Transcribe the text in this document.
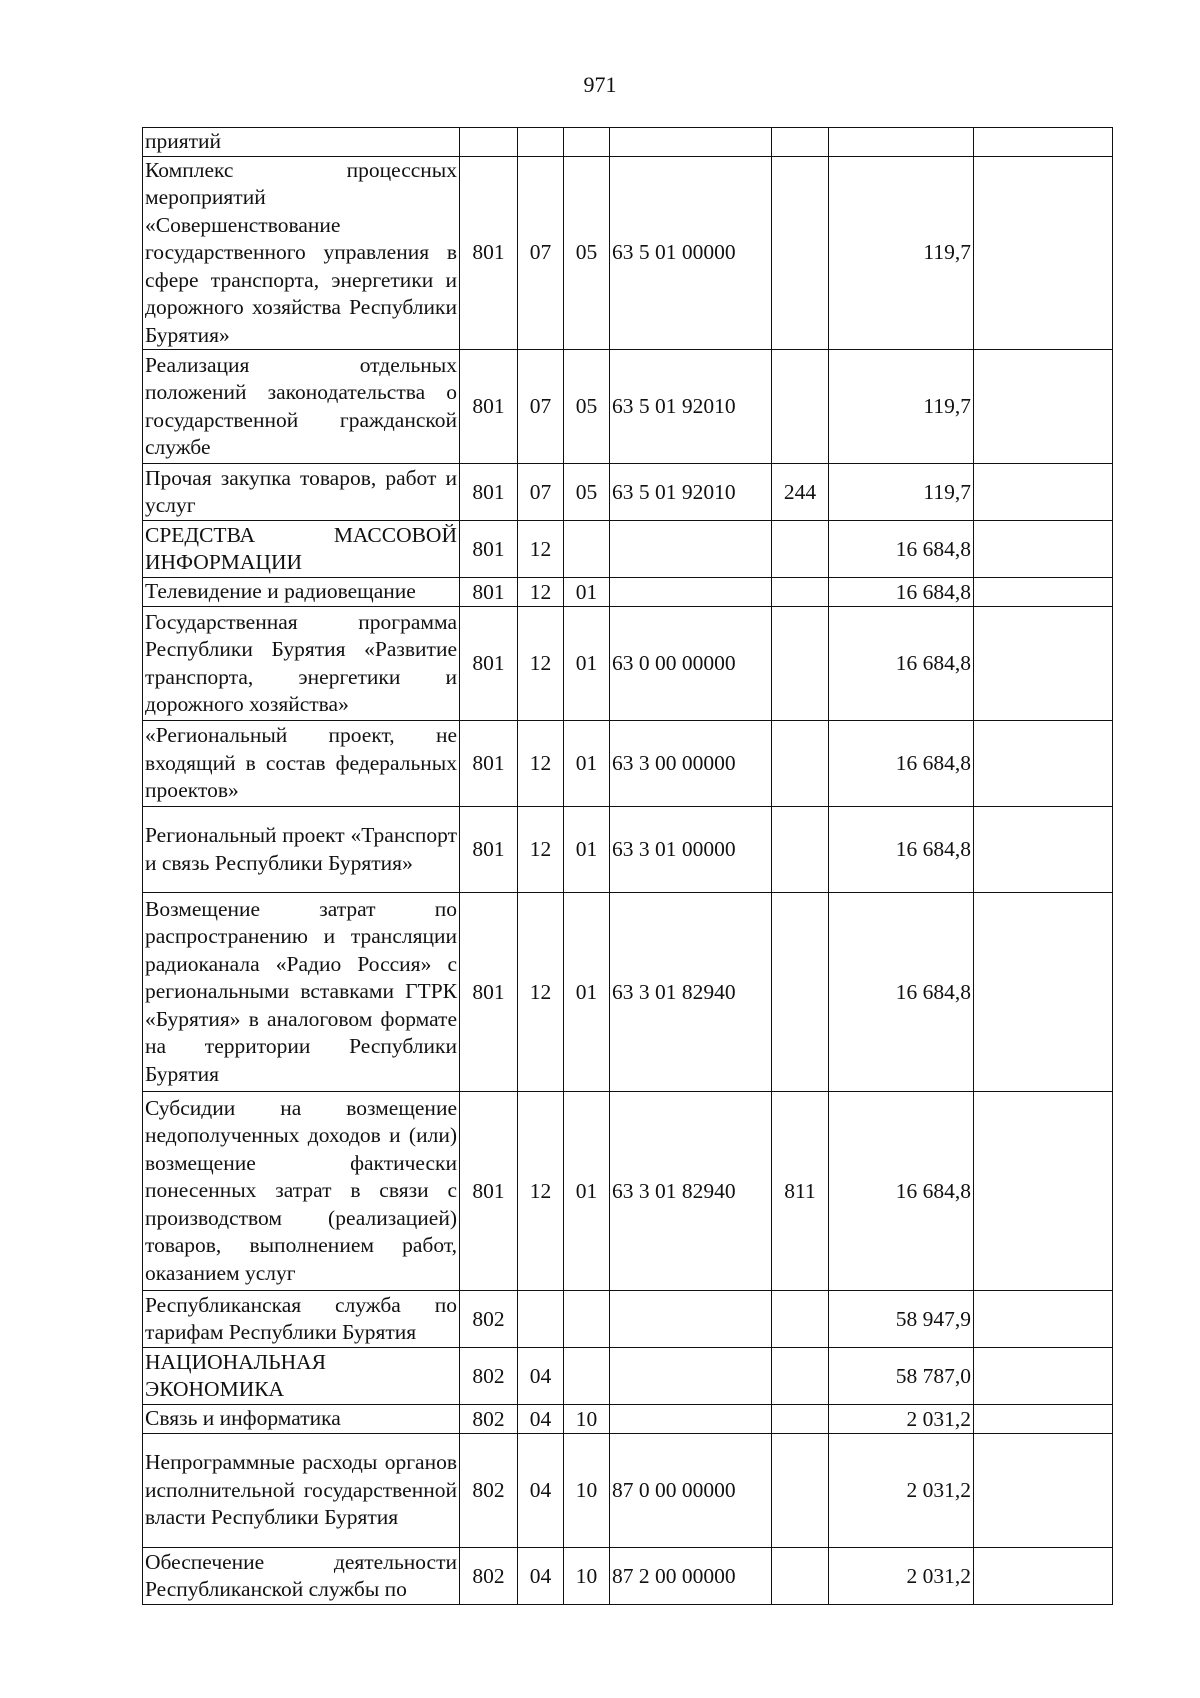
971
приятий							
Комплекс процессных мероприятий «Совершенствование государственного управления в сфере транспорта, энергетики и дорожного хозяйства Республики Бурятия»	801	07	05	63 5 01 00000		119,7	
Реализация отдельных положений законодательства о государственной гражданской службе	801	07	05	63 5 01 92010		119,7	
Прочая закупка товаров, работ и услуг	801	07	05	63 5 01 92010	244	119,7	
СРЕДСТВА МАССОВОЙ ИНФОРМАЦИИ	801	12				16 684,8	
Телевидение и радиовещание	801	12	01			16 684,8	
Государственная программа Республики Бурятия «Развитие транспорта, энергетики и дорожного хозяйства»	801	12	01	63 0 00 00000		16 684,8	
«Региональный проект, не входящий в состав федеральных проектов»	801	12	01	63 3 00 00000		16 684,8	
Региональный проект «Транспорт и связь Республики Бурятия»	801	12	01	63 3 01 00000		16 684,8	
Возмещение затрат по распространению и трансляции радиоканала «Радио Россия» с региональными вставками ГТРК «Бурятия» в аналоговом формате на территории Республики Бурятия	801	12	01	63 3 01 82940		16 684,8	
Субсидии на возмещение недополученных доходов и (или) возмещение фактически понесенных затрат в связи с производством (реализацией) товаров, выполнением работ, оказанием услуг	801	12	01	63 3 01 82940	811	16 684,8	
Республиканская служба по тарифам Республики Бурятия	802					58 947,9	
НАЦИОНАЛЬНАЯ ЭКОНОМИКА	802	04				58 787,0	
Связь и информатика	802	04	10			2 031,2	
Непрограммные расходы органов исполнительной государственной власти Республики Бурятия	802	04	10	87 0 00 00000		2 031,2	
Обеспечение деятельности Республиканской службы по	802	04	10	87 2 00 00000		2 031,2	
